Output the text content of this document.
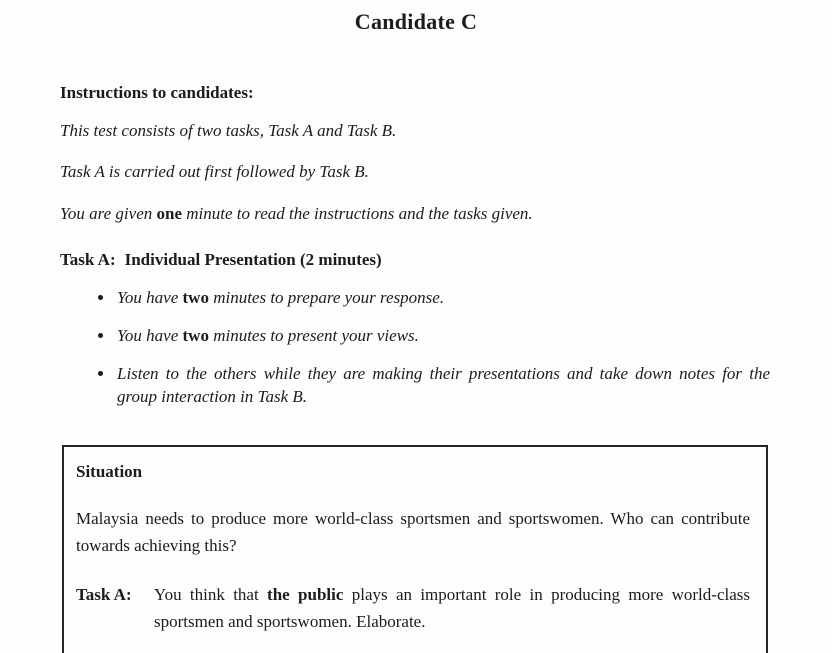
Candidate C
Instructions to candidates:
This test consists of two tasks, Task A and Task B.
Task A is carried out first followed by Task B.
You are given one minute to read the instructions and the tasks given.
Task A: Individual Presentation (2 minutes)
• You have two minutes to prepare your response.
• You have two minutes to present your views.
• Listen to the others while they are making their presentations and take down notes for the group interaction in Task B.
Situation
Malaysia needs to produce more world-class sportsmen and sportswomen. Who can contribute towards achieving this?
Task A:	You think that the public plays an important role in producing more world-class sportsmen and sportswomen. Elaborate.
